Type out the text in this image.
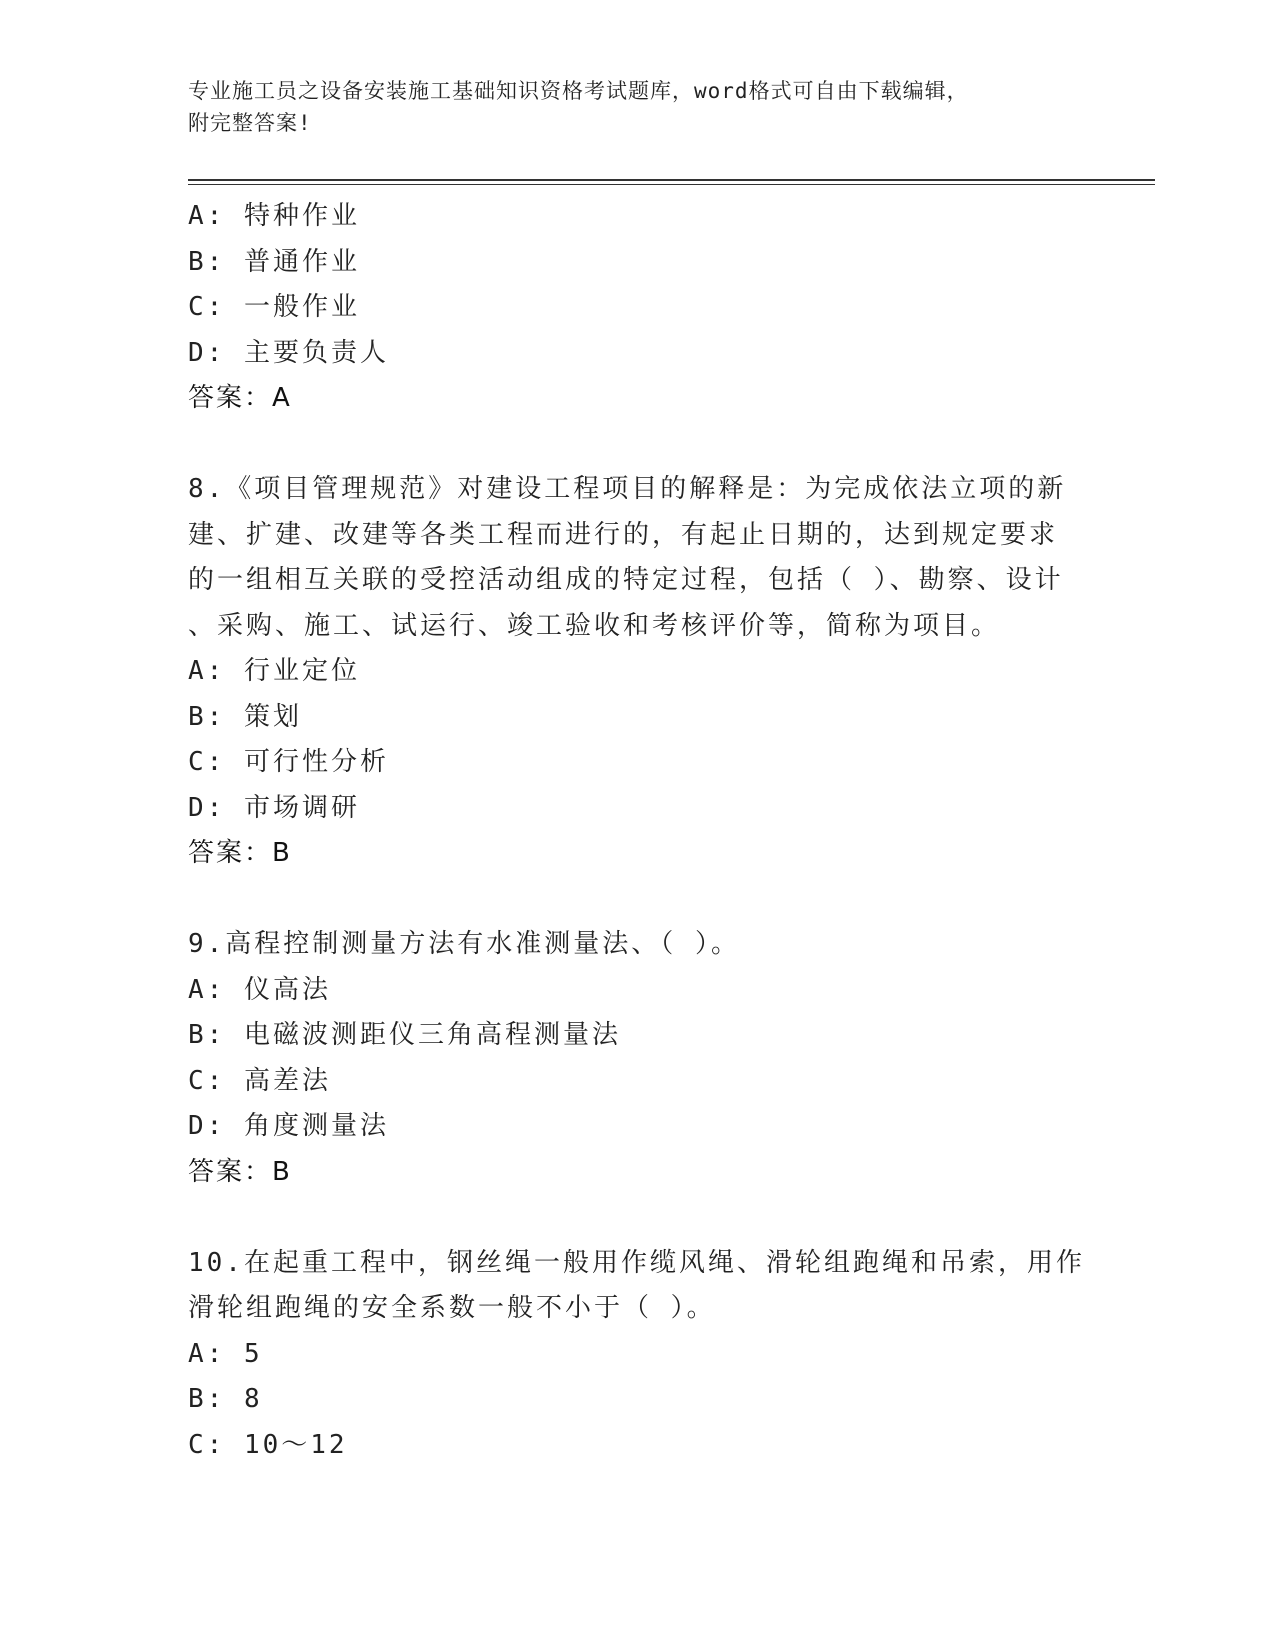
专业施工员之设备安装施工基础知识资格考试题库，word格式可自由下载编辑，
附完整答案!
A: 特种作业
B: 普通作业
C: 一般作业
D: 主要负责人
答案：A
8.《项目管理规范》对建设工程项目的解释是：为完成依法立项的新
建、扩建、改建等各类工程而进行的，有起止日期的，达到规定要求
的一组相互关联的受控活动组成的特定过程，包括（ ）、勘察、设计
、采购、施工、试运行、竣工验收和考核评价等，简称为项目。
A: 行业定位
B: 策划
C: 可行性分析
D: 市场调研
答案：B
9.高程控制测量方法有水准测量法、（ ）。
A: 仪高法
B: 电磁波测距仪三角高程测量法
C: 高差法
D: 角度测量法
答案：B
10.在起重工程中，钢丝绳一般用作缆风绳、滑轮组跑绳和吊索，用作
滑轮组跑绳的安全系数一般不小于（ ）。
A: 5
B: 8
C: 10～12
